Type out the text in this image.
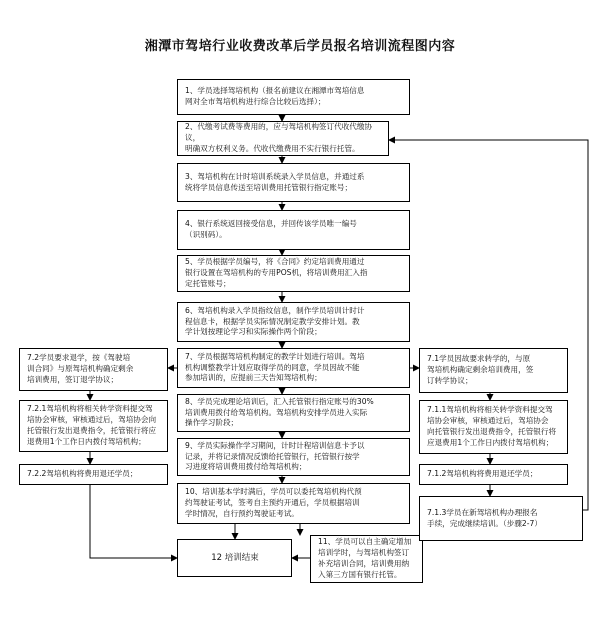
湘潭市驾培行业收费改革后学员报名培训流程图内容
1、学员选择驾培机构（报名前建议在湘潭市驾培信息
网对全市驾培机构进行综合比较后选择）；
2、代缴考试费等费用的，应与驾培机构签订代收代缴协议，
明确双方权利义务。代收代缴费用不实行银行托管。
3、驾培机构在计时培训系统录入学员信息，并通过系
统将学员信息传送至培训费用托管银行指定账号；
4、银行系统返回接受信息，并回传该学员唯一编号
（识别码）。
5、学员根据学员编号，将《合同》约定培训费用通过
银行设置在驾培机构的专用POS机，将培训费用汇入指
定托管账号；
6、驾培机构录入学员指纹信息，制作学员培训计时计
程信息卡，根据学员实际情况制定教学安排计划。教
学计划按理论学习和实际操作两个阶段；
7、学员根据驾培机构制定的教学计划进行培训。驾培
机构调整教学计划应取得学员的同意，学员因故不能
参加培训的，应提前三天告知驾培机构；
8、学员完成理论培训后，汇入托管银行指定账号的30%
培训费用拨付给驾培机构。驾培机构安排学员进入实际
操作学习阶段；
9、学员实际操作学习期间，计时计程培训信息卡予以
记录，并将记录情况反馈给托管银行，托管银行按学
习进度将培训费用拨付给驾培机构；
10、培训基本学时满后，学员可以委托驾培机构代预
约驾驶证考试，签考自主预约开通后，学员根据培训
学时情况，自行预约驾驶证考试。
12 培训结束
11、学员可以自主确定增加
培训学时，与驾培机构签订
补充培训合同，培训费用纳
入第三方国有银行托管。
7.2学员要求退学，按《驾驶培
训合同》与原驾培机构确定剩余
培训费用，签订退学协议；
7.2.1驾培机构将相关转学资料提交驾
培协会审核，审核通过后，驾培协会向
托管银行发出退费指令，托管银行将应
退费用1个工作日内拨付驾培机构；
7.2.2驾培机构将费用退还学员；
7.1学员因故要求转学的，与原
驾培机构确定剩余培训费用，签
订转学协议；
7.1.1驾培机构将相关转学资料提交驾
培协会审核，审核通过后，驾培协会
向托管银行发出退费指令，托管银行将
应退费用1个工作日内拨付驾培机构；
7.1.2驾培机构将费用退还学员；
7.1.3学员在新驾培机构办理报名
手续，完成继续培训。（步骤2-7）
